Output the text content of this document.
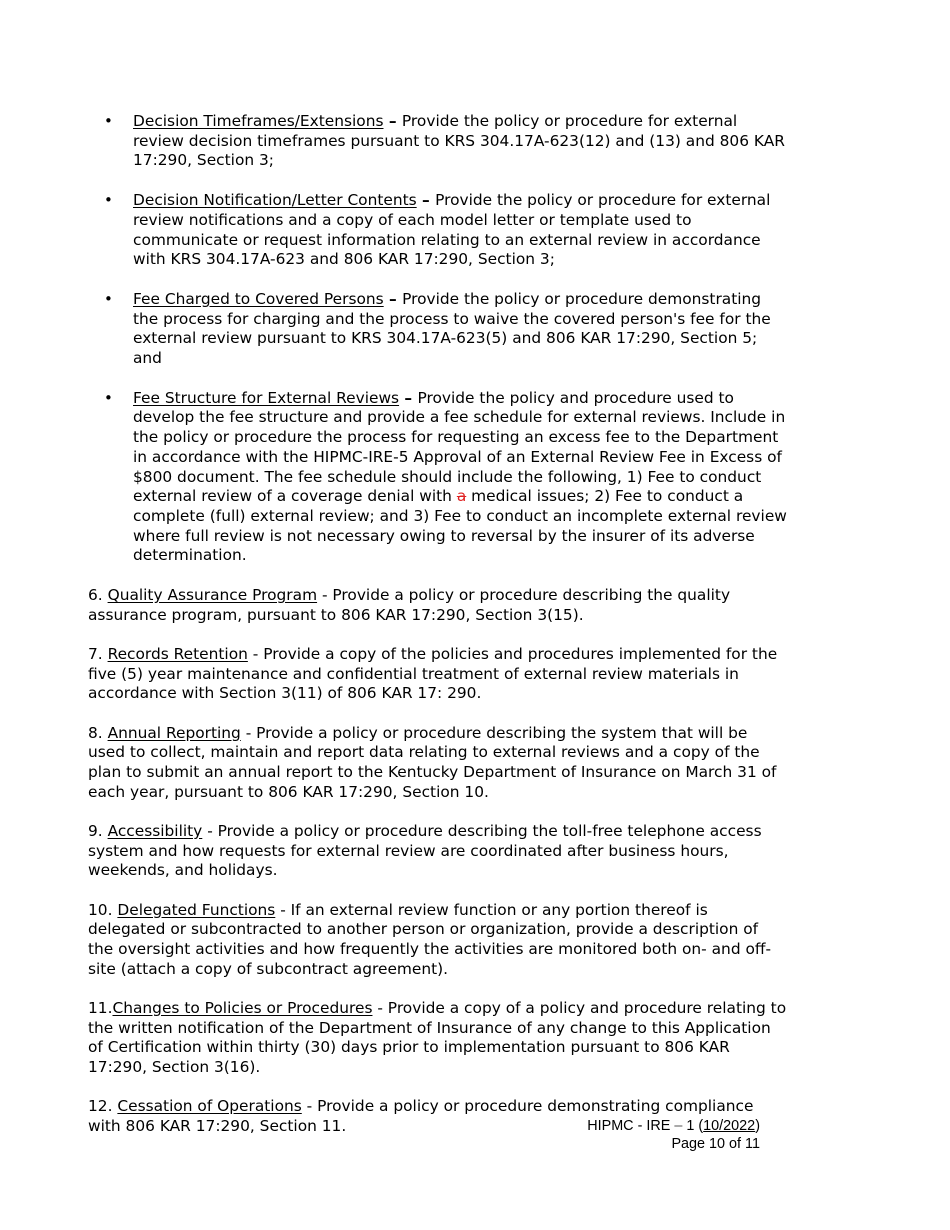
• Decision Timeframes/Extensions – Provide the policy or procedure for external review decision timeframes pursuant to KRS 304.17A-623(12) and (13) and 806 KAR 17:290, Section 3;
• Decision Notification/Letter Contents – Provide the policy or procedure for external review notifications and a copy of each model letter or template used to communicate or request information relating to an external review in accordance with KRS 304.17A-623 and 806 KAR 17:290, Section 3;
• Fee Charged to Covered Persons – Provide the policy or procedure demonstrating the process for charging and the process to waive the covered person's fee for the external review pursuant to KRS 304.17A-623(5) and 806 KAR 17:290, Section 5; and
• Fee Structure for External Reviews – Provide the policy and procedure used to develop the fee structure and provide a fee schedule for external reviews. Include in the policy or procedure the process for requesting an excess fee to the Department in accordance with the HIPMC-IRE-5 Approval of an External Review Fee in Excess of $800 document. The fee schedule should include the following, 1) Fee to conduct external review of a coverage denial with a medical issues; 2) Fee to conduct a complete (full) external review; and 3) Fee to conduct an incomplete external review where full review is not necessary owing to reversal by the insurer of its adverse determination.

6. Quality Assurance Program - Provide a policy or procedure describing the quality assurance program, pursuant to 806 KAR 17:290, Section 3(15).

7. Records Retention - Provide a copy of the policies and procedures implemented for the five (5) year maintenance and confidential treatment of external review materials in accordance with Section 3(11) of 806 KAR 17: 290.

8. Annual Reporting - Provide a policy or procedure describing the system that will be used to collect, maintain and report data relating to external reviews and a copy of the plan to submit an annual report to the Kentucky Department of Insurance on March 31 of each year, pursuant to 806 KAR 17:290, Section 10.

9. Accessibility - Provide a policy or procedure describing the toll-free telephone access system and how requests for external review are coordinated after business hours, weekends, and holidays.

10. Delegated Functions - If an external review function or any portion thereof is delegated or subcontracted to another person or organization, provide a description of the oversight activities and how frequently the activities are monitored both on- and off-site (attach a copy of subcontract agreement).

11.Changes to Policies or Procedures - Provide a copy of a policy and procedure relating to the written notification of the Department of Insurance of any change to this Application of Certification within thirty (30) days prior to implementation pursuant to 806 KAR 17:290, Section 3(16).

12. Cessation of Operations - Provide a policy or procedure demonstrating compliance with 806 KAR 17:290, Section 11.	HIPMC - IRE – 1 (10/2022)
Page 10 of 11
